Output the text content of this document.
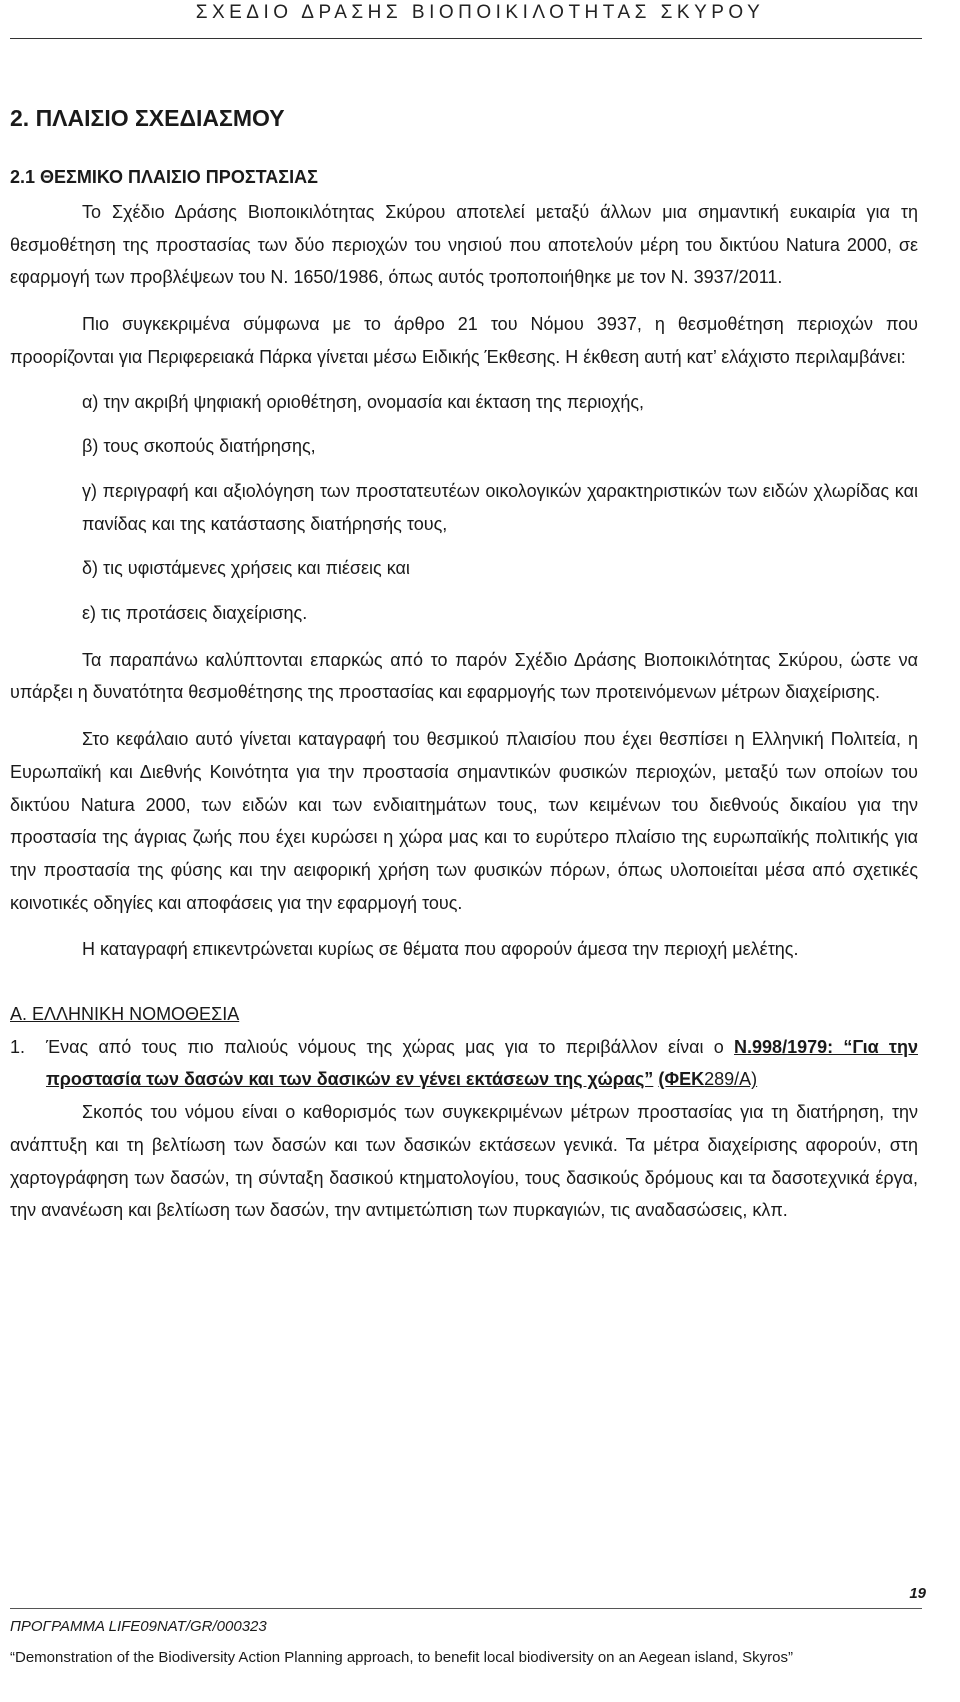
ΣΧΕΔΙΟ ΔΡΑΣΗΣ ΒΙΟΠΟΙΚΙΛΟΤΗΤΑΣ ΣΚΥΡΟΥ
2. ΠΛΑΙΣΙΟ ΣΧΕΔΙΑΣΜΟΥ
2.1 ΘΕΣΜΙΚΟ ΠΛΑΙΣΙΟ ΠΡΟΣΤΑΣΙΑΣ

Το Σχέδιο Δράσης Βιοποικιλότητας Σκύρου αποτελεί μεταξύ άλλων μια σημαντική ευκαιρία για τη θεσμοθέτηση της προστασίας των δύο περιοχών του νησιού που αποτελούν μέρη του δικτύου Natura 2000, σε εφαρμογή των προβλέψεων του Ν. 1650/1986, όπως αυτός τροποποιήθηκε με τον Ν. 3937/2011.

Πιο συγκεκριμένα σύμφωνα με το άρθρο 21 του Νόμου 3937, η θεσμοθέτηση περιοχών που προορίζονται για Περιφερειακά Πάρκα γίνεται μέσω Ειδικής Έκθεσης. Η έκθεση αυτή κατ’ ελάχιστο περιλαμβάνει:

α) την ακριβή ψηφιακή οριοθέτηση, ονομασία και έκταση της περιοχής,
β) τους σκοπούς διατήρησης,
γ) περιγραφή και αξιολόγηση των προστατευτέων οικολογικών χαρακτηριστικών των ειδών χλωρίδας και πανίδας και της κατάστασης διατήρησής τους,
δ) τις υφιστάμενες χρήσεις και πιέσεις και
ε) τις προτάσεις διαχείρισης.

Τα παραπάνω καλύπτονται επαρκώς από το παρόν Σχέδιο Δράσης Βιοποικιλότητας Σκύρου, ώστε να υπάρξει η δυνατότητα θεσμοθέτησης της προστασίας και εφαρμογής των προτεινόμενων μέτρων διαχείρισης.

Στο κεφάλαιο αυτό γίνεται καταγραφή του θεσμικού πλαισίου που έχει θεσπίσει η Ελληνική Πολιτεία, η Ευρωπαϊκή και Διεθνής Κοινότητα για την προστασία σημαντικών φυσικών περιοχών, μεταξύ των οποίων του δικτύου Natura 2000, των ειδών και των ενδιαιτημάτων τους, των κειμένων του διεθνούς δικαίου για την προστασία της άγριας ζωής που έχει κυρώσει η χώρα μας και το ευρύτερο πλαίσιο της ευρωπαϊκής πολιτικής για την προστασία της φύσης και την αειφορική χρήση των φυσικών πόρων, όπως υλοποιείται μέσα από σχετικές κοινοτικές οδηγίες και αποφάσεις για την εφαρμογή τους.

Η καταγραφή επικεντρώνεται κυρίως σε θέματα που αφορούν άμεσα την περιοχή μελέτης.

Α. ΕΛΛΗΝΙΚΗ ΝΟΜΟΘΕΣΙΑ
1.	Ένας από τους πιο παλιούς νόμους της χώρας μας για το περιβάλλον είναι ο Ν.998/1979: “Για την προστασία των δασών και των δασικών εν γένει εκτάσεων της χώρας” (ΦΕΚ289/Α)

Σκοπός του νόμου είναι ο καθορισμός των συγκεκριμένων μέτρων προστασίας για τη διατήρηση, την ανάπτυξη και τη βελτίωση των δασών και των δασικών εκτάσεων γενικά. Τα μέτρα διαχείρισης αφορούν, στη χαρτογράφηση των δασών, τη σύνταξη δασικού κτηματολογίου, τους δασικούς δρόμους και τα δασοτεχνικά έργα, την ανανέωση και βελτίωση των δασών, την αντιμετώπιση των πυρκαγιών, τις αναδασώσεις, κλπ.

19
ΠΡΟΓΡΑΜΜΑ LIFE09NAT/GR/000323
“Demonstration of the Biodiversity Action Planning approach, to benefit local biodiversity on an Aegean island, Skyros”
